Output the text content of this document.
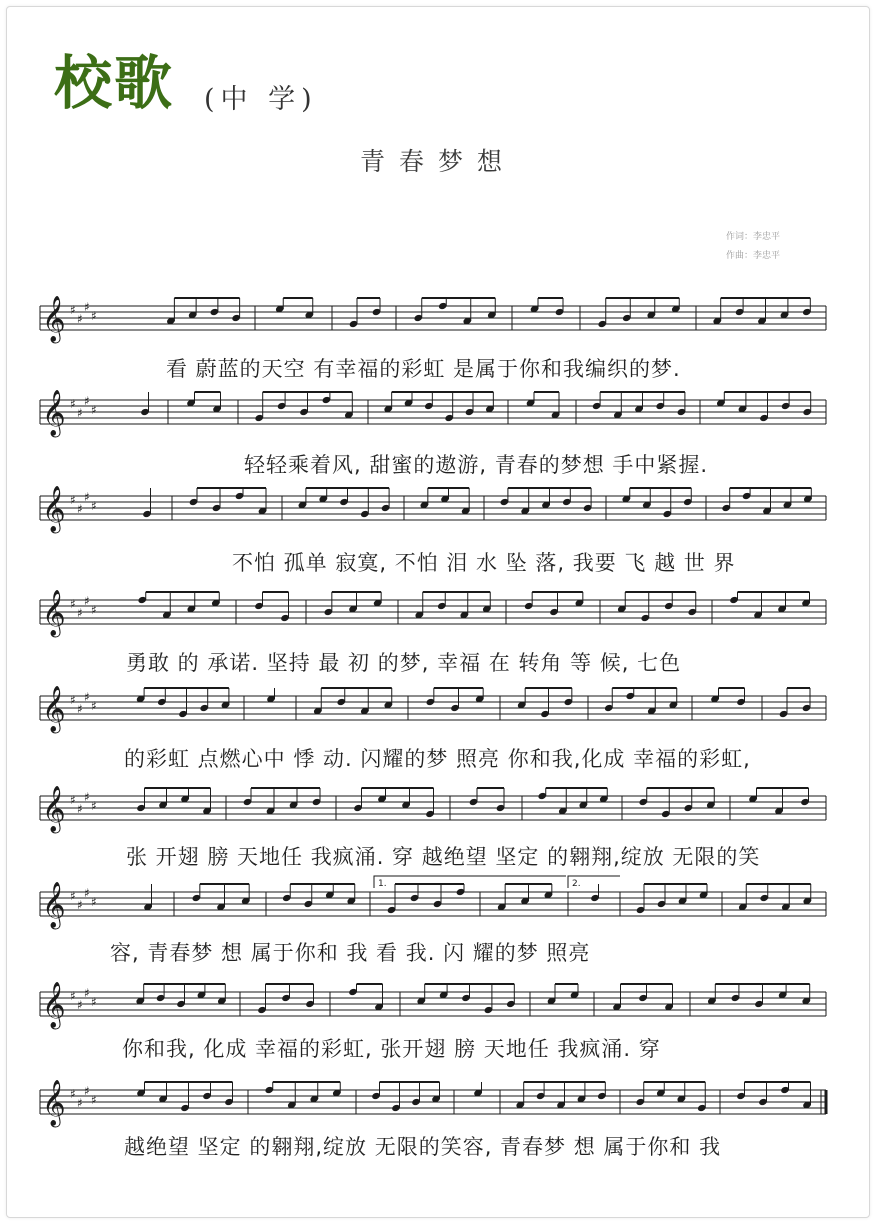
校歌 (中 学)
青春梦想
作词：李忠平
作曲：李忠平
𝄞 ♯
♯
♯
♯
𝄞 ♯
♯
♯
♯
𝄞 ♯
♯
♯
♯
𝄞 ♯
♯
♯
♯
𝄞 ♯
♯
♯
♯
𝄞 ♯
♯
♯
♯
𝄞 ♯
♯
♯
♯
𝄞 ♯
♯
♯
♯
𝄞 ♯
♯
♯
♯
1.	2.
看 蔚蓝的天空 有幸福的彩虹 是属于你和我编织的梦.
轻轻乘着风, 甜蜜的遨游, 青春的梦想 手中紧握.
不怕 孤单 寂寞, 不怕 泪 水 坠 落, 我要 飞 越 世 界
勇敢 的 承诺. 坚持 最 初 的梦, 幸福 在 转角 等 候, 七色
的彩虹 点燃心中 悸 动. 闪耀的梦 照亮 你和我,化成 幸福的彩虹,
张 开翅 膀 天地任 我疯涌. 穿 越绝望 坚定 的翱翔,绽放 无限的笑
容, 青春梦 想 属于你和 我 看 我. 闪 耀的梦 照亮
你和我, 化成 幸福的彩虹, 张开翅 膀 天地任 我疯涌. 穿
越绝望 坚定 的翱翔,绽放 无限的笑容, 青春梦 想 属于你和 我
